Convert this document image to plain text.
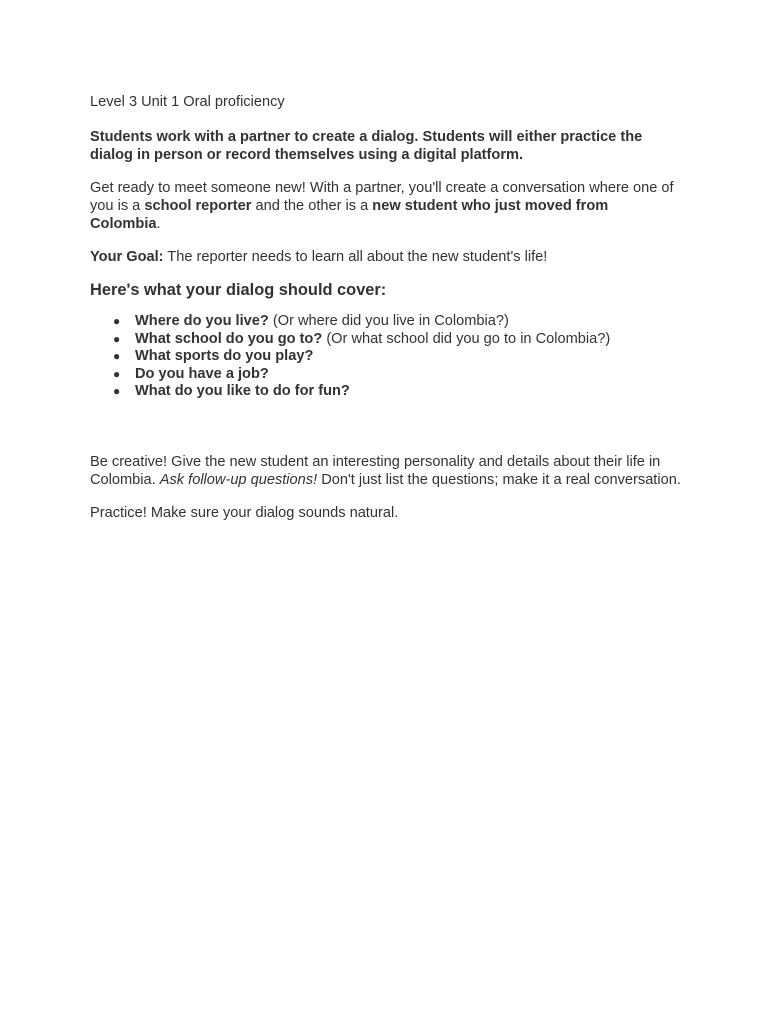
Level 3 Unit 1 Oral proficiency

Students work with a partner to create a dialog. Students will either practice the dialog in person or record themselves using a digital platform.

Get ready to meet someone new! With a partner, you'll create a conversation where one of you is a school reporter and the other is a new student who just moved from Colombia.

Your Goal: The reporter needs to learn all about the new student's life!

Here's what your dialog should cover:
● Where do you live? (Or where did you live in Colombia?)
● What school do you go to? (Or what school did you go to in Colombia?)
● What sports do you play?
● Do you have a job?
● What do you like to do for fun?

Be creative! Give the new student an interesting personality and details about their life in Colombia. Ask follow-up questions! Don't just list the questions; make it a real conversation.

Practice! Make sure your dialog sounds natural.
